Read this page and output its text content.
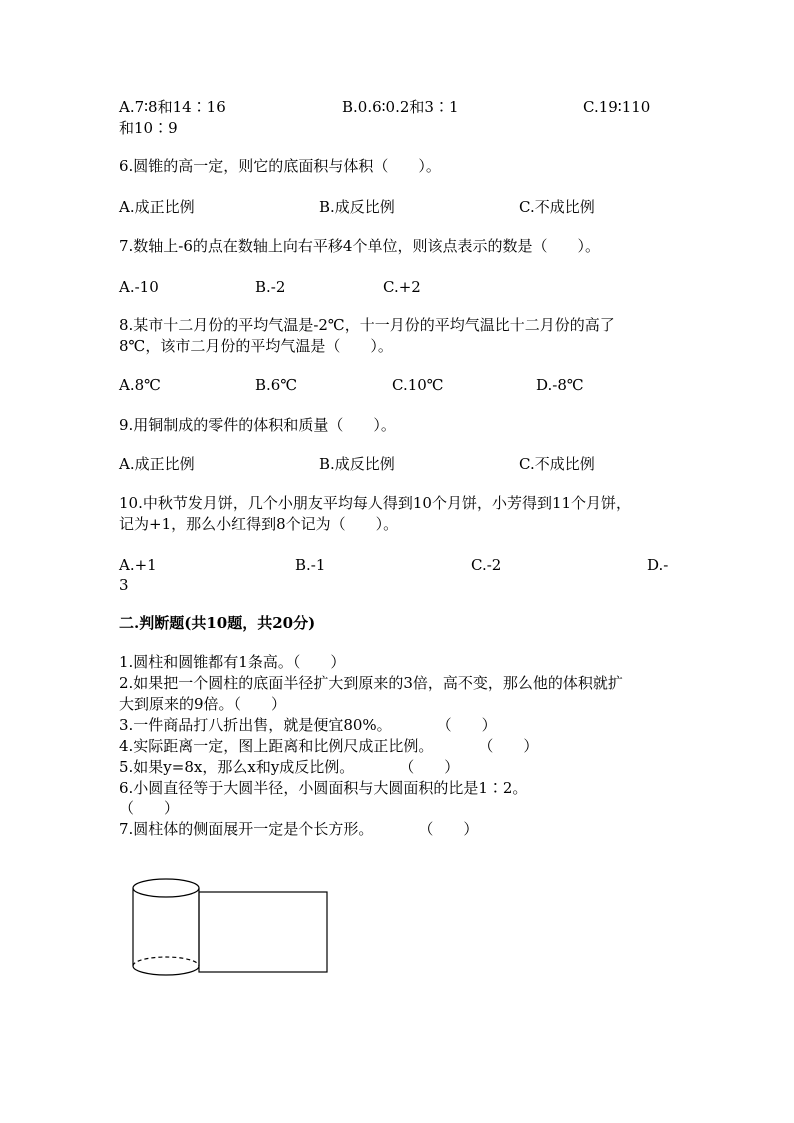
A.7∶8和14∶16	B.0.6∶0.2和3∶1	C.19∶110
和10∶9
6.圆锥的高一定，则它的底面积与体积（　　）。
A.成正比例	B.成反比例	C.不成比例
7.数轴上-6的点在数轴上向右平移4个单位，则该点表示的数是（　　）。
A.-10	B.-2	C.+2
8.某市十二月份的平均气温是-2℃，十一月份的平均气温比十二月份的高了
8℃，该市二月份的平均气温是（　　）。
A.8℃	B.6℃	C.10℃	D.-8℃
9.用铜制成的零件的体积和质量（　　）。
A.成正比例	B.成反比例	C.不成比例
10.中秋节发月饼，几个小朋友平均每人得到10个月饼，小芳得到11个月饼，
记为+1，那么小红得到8个记为（　　）。
A.+1	B.-1	C.-2	D.-
3
二.判断题(共10题，共20分)
1.圆柱和圆锥都有1条高。（　　）
2.如果把一个圆柱的底面半径扩大到原来的3倍，高不变，那么他的体积就扩
大到原来的9倍。（　　）
3.一件商品打八折出售，就是便宜80%。　　　　（　　）
4.实际距离一定，图上距离和比例尺成正比例。　　　　（　　）
5.如果y=8x，那么x和y成反比例。　　　　（　　）
6.小圆直径等于大圆半径，小圆面积与大圆面积的比是1∶2。
（　　）
7.圆柱体的侧面展开一定是个长方形。　　　　（　　）
